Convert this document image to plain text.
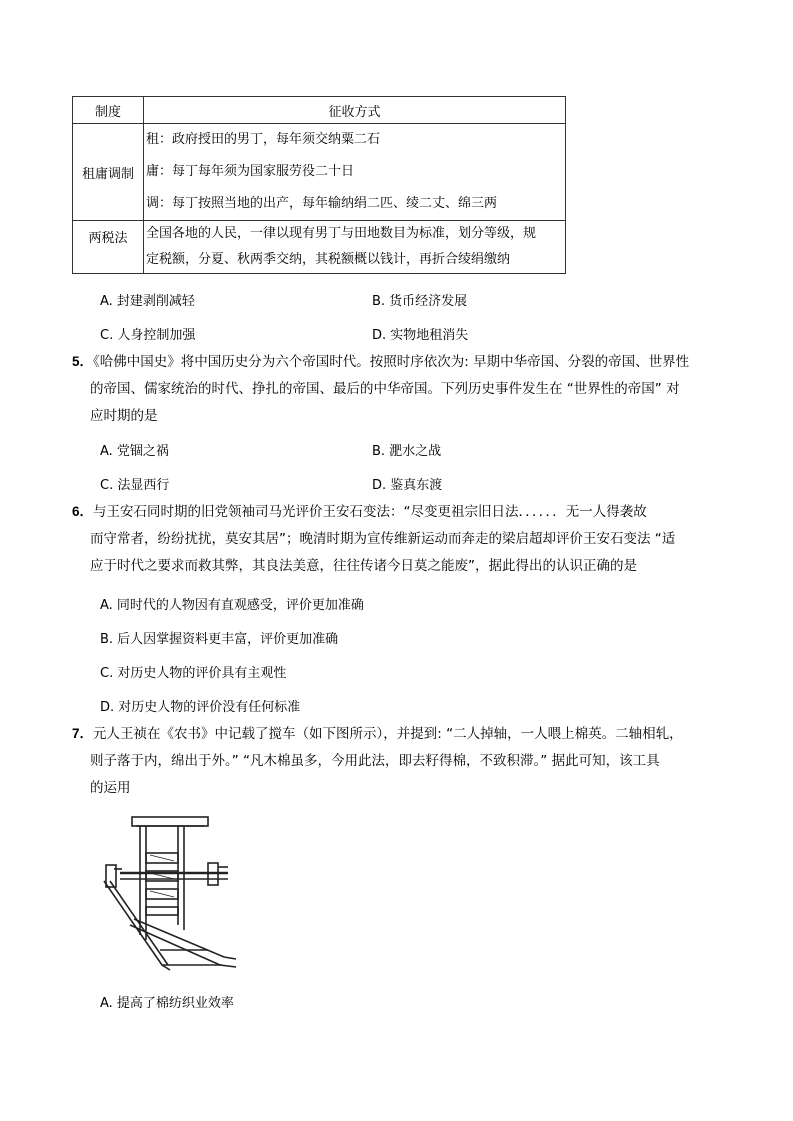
制度	征收方式
租庸调制	租：政府授田的男丁，每年须交纳粟二石
庸：每丁每年须为国家服劳役二十日
调：每丁按照当地的出产，每年输纳绢二匹、绫二丈、绵三两

两税法	全国各地的人民，一律以现有男丁与田地数目为标准，划分等级，规
定税额，分夏、秋两季交纳，其税额概以钱计，再折合绫绢缴纳
A. 封建剥削减轻	B. 货币经济发展
C. 人身控制加强	D. 实物地租消失
5．《哈佛中国史》将中国历史分为六个帝国时代。按照时序依次为: 早期中华帝国、分裂的帝国、世界性
的帝国、儒家统治的时代、挣扎的帝国、最后的中华帝国。下列历史事件发生在 “世界性的帝国” 对
应时期的是
A. 党锢之祸	B. 淝水之战
C. 法显西行	D. 鉴真东渡
6．与王安石同时期的旧党领袖司马光评价王安石变法：“尽变更祖宗旧日法．．．．．．无一人得袭故
而守常者，纷纷扰扰，莫安其居”；晚清时期为宣传维新运动而奔走的梁启超却评价王安石变法 “适
应于时代之要求而救其弊，其良法美意，往往传诸今日莫之能废”，据此得出的认识正确的是
A. 同时代的人物因有直观感受，评价更加准确
B. 后人因掌握资料更丰富，评价更加准确
C. 对历史人物的评价具有主观性
D. 对历史人物的评价没有任何标准
7．元人王祯在《农书》中记载了搅车（如下图所示），并提到: “二人掉轴，一人喂上棉英。二轴相轧，
则子落于内，绵出于外。” “凡木棉虽多，今用此法，即去籽得棉，不致积滞。” 据此可知，该工具
的运用
A. 提高了棉纺织业效率
